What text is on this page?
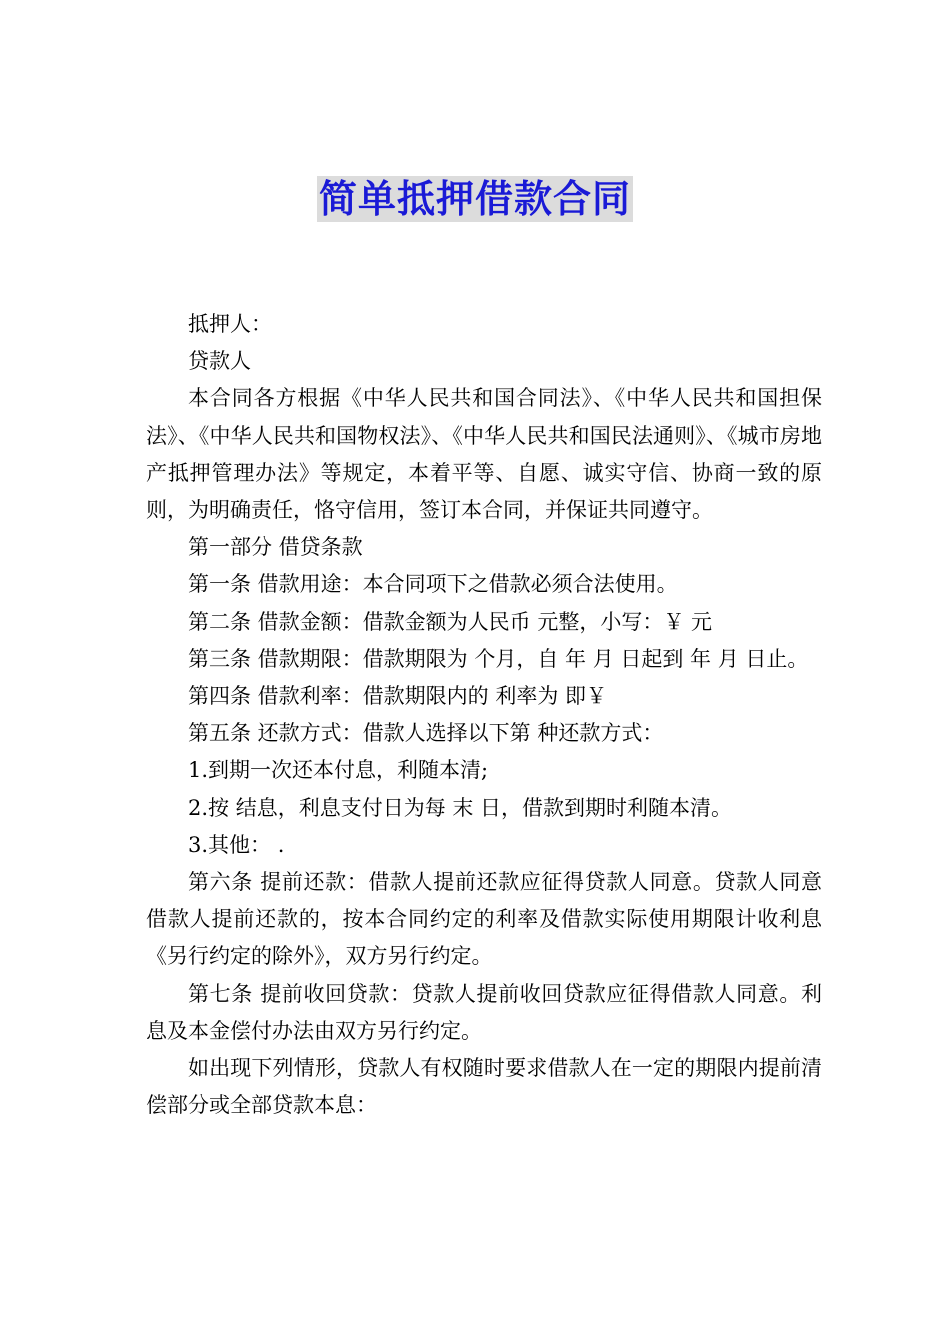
简单抵押借款合同

抵押人：

贷款人

本合同各方根据《中华人民共和国合同法》、《中华人民共和国担保法》、《中华人民共和国物权法》、《中华人民共和国民法通则》、《城市房地产抵押管理办法》等规定，本着平等、自愿、诚实守信、协商一致的原则，为明确责任，恪守信用，签订本合同，并保证共同遵守。

第一部分 借贷条款

第一条 借款用途：本合同项下之借款必须合法使用。

第二条 借款金额：借款金额为人民币 元整，小写：￥ 元

第三条 借款期限：借款期限为 个月，自 年 月 日起到 年 月 日止。

第四条 借款利率：借款期限内的 利率为 即￥

第五条 还款方式：借款人选择以下第 种还款方式：

1.到期一次还本付息，利随本清;

2.按 结息，利息支付日为每 末 日，借款到期时利随本清。

3.其他： .

第六条 提前还款：借款人提前还款应征得贷款人同意。贷款人同意借款人提前还款的，按本合同约定的利率及借款实际使用期限计收利息《另行约定的除外》，双方另行约定。

第七条 提前收回贷款：贷款人提前收回贷款应征得借款人同意。利息及本金偿付办法由双方另行约定。

如出现下列情形，贷款人有权随时要求借款人在一定的期限内提前清偿部分或全部贷款本息：
